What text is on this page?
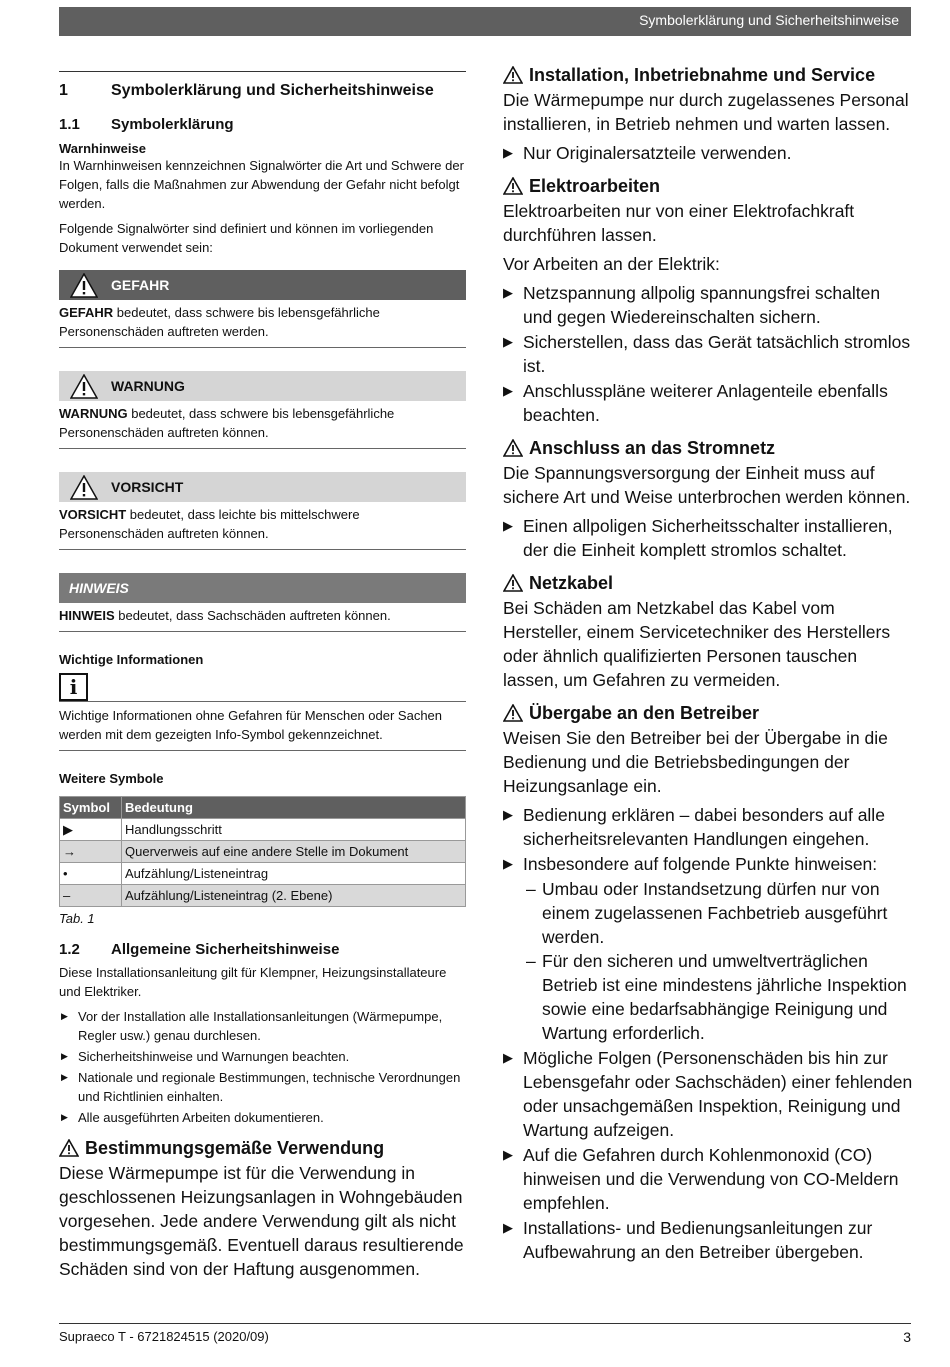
Symbolerklärung und Sicherheitshinweise
1	Symbolerklärung und Sicherheitshinweise
1.1	Symbolerklärung
Warnhinweise

In Warnhinweisen kennzeichnen Signalwörter die Art und Schwere der Folgen, falls die Maßnahmen zur Abwendung der Gefahr nicht befolgt werden.

Folgende Signalwörter sind definiert und können im vorliegenden Dokument verwendet sein:

GEFAHR
GEFAHR bedeutet, dass schwere bis lebensgefährliche Personenschäden auftreten werden.
WARNUNG
WARNUNG bedeutet, dass schwere bis lebensgefährliche Personenschäden auftreten können.
VORSICHT
VORSICHT bedeutet, dass leichte bis mittelschwere Personenschäden auftreten können.
HINWEIS
HINWEIS bedeutet, dass Sachschäden auftreten können.
Wichtige Informationen
i
Wichtige Informationen ohne Gefahren für Menschen oder Sachen werden mit dem gezeigten Info-Symbol gekennzeichnet.
Weitere Symbole
Symbol	Bedeutung
▶	Handlungsschritt
→	Querverweis auf eine andere Stelle im Dokument
•	Aufzählung/Listeneintrag
–	Aufzählung/Listeneintrag (2. Ebene)
Tab. 1
1.2	Allgemeine Sicherheitshinweise

Diese Installationsanleitung gilt für Klempner, Heizungsinstallateure und Elektriker.

▶ Vor der Installation alle Installationsanleitungen (Wärmepumpe, Regler usw.) genau durchlesen.
▶ Sicherheitshinweise und Warnungen beachten.
▶ Nationale und regionale Bestimmungen, technische Verordnungen und Richtlinien einhalten.
▶ Alle ausgeführten Arbeiten dokumentieren.
Bestimmungsgemäße Verwendung

Diese Wärmepumpe ist für die Verwendung in geschlossenen Heizungsanlagen in Wohngebäuden vorgesehen. Jede andere Verwendung gilt als nicht bestimmungsgemäß. Eventuell daraus resultierende Schäden sind von der Haftung ausgenommen.

Installation, Inbetriebnahme und Service

Die Wärmepumpe nur durch zugelassenes Personal installieren, in Betrieb nehmen und warten lassen.

▶ Nur Originalersatzteile verwenden.
Elektroarbeiten

Elektroarbeiten nur von einer Elektrofachkraft durchführen lassen.

Vor Arbeiten an der Elektrik:

▶ Netzspannung allpolig spannungsfrei schalten und gegen Wiedereinschalten sichern.
▶ Sicherstellen, dass das Gerät tatsächlich stromlos ist.
▶ Anschlusspläne weiterer Anlagenteile ebenfalls beachten.
Anschluss an das Stromnetz

Die Spannungsversorgung der Einheit muss auf sichere Art und Weise unterbrochen werden können.

▶ Einen allpoligen Sicherheitsschalter installieren, der die Einheit komplett stromlos schaltet.
Netzkabel

Bei Schäden am Netzkabel das Kabel vom Hersteller, einem Servicetechniker des Herstellers oder ähnlich qualifizierten Personen tauschen lassen, um Gefahren zu vermeiden.

Übergabe an den Betreiber

Weisen Sie den Betreiber bei der Übergabe in die Bedienung und die Betriebsbedingungen der Heizungsanlage ein.

▶ Bedienung erklären – dabei besonders auf alle sicherheitsrelevanten Handlungen eingehen.
▶ Insbesondere auf folgende Punkte hinweisen:
– Umbau oder Instandsetzung dürfen nur von einem zugelassenen Fachbetrieb ausgeführt werden.
– Für den sicheren und umweltverträglichen Betrieb ist eine mindestens jährliche Inspektion sowie eine bedarfsabhängige Reinigung und Wartung erforderlich.
▶ Mögliche Folgen (Personenschäden bis hin zur Lebensgefahr oder Sachschäden) einer fehlenden oder unsachgemäßen Inspektion, Reinigung und Wartung aufzeigen.
▶ Auf die Gefahren durch Kohlenmonoxid (CO) hinweisen und die Verwendung von CO-Meldern empfehlen.
▶ Installations- und Bedienungsanleitungen zur Aufbewahrung an den Betreiber übergeben.
Supraeco T - 6721824515 (2020/09)	3
